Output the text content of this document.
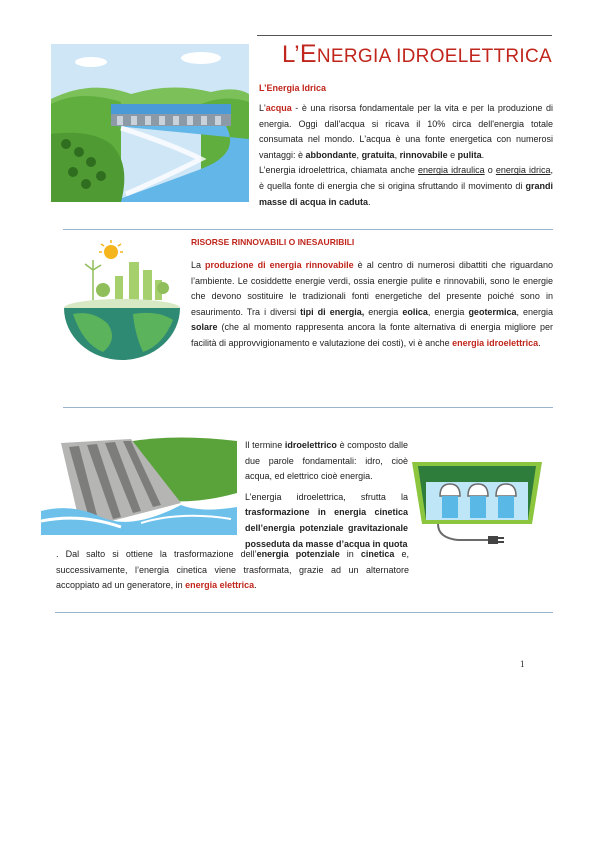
L’ENERGIA IDROELETTRICA
L’Energia Idrica
L'acqua - è una risorsa fondamentale per la vita e per la produzione di energia. Oggi dall'acqua si ricava il 10% circa dell'energia totale consumata nel mondo. L'acqua è una fonte energetica con numerosi vantaggi: è abbondante, gratuita, rinnovabile e pulita.
L’energia idroelettrica, chiamata anche energia idraulica o energia idrica, è quella fonte di energia che si origina sfruttando il movimento di grandi masse di acqua in caduta.
RISORSE RINNOVABILI O INESAURIBILI
La produzione di energia rinnovabile è al centro di numerosi dibattiti che riguardano l’ambiente. Le cosiddette energie verdi, ossia energie pulite e rinnovabili, sono le energie che devono sostituire le tradizionali fonti energetiche del presente poiché sono in esaurimento. Tra i diversi tipi di energia, energia eolica, energia geotermica, energia solare (che al momento rappresenta ancora la fonte alternativa di energia migliore per facilità di approvvigionamento e valutazione dei costi), vi è anche energia idroelettrica.
Il termine idroelettrico è composto dalle due parole fondamentali: idro, cioè acqua, ed elettrico cioè energia.
L’energia idroelettrica, sfrutta la trasformazione in energia cinetica dell’energia potenziale gravitazionale posseduta da masse d’acqua in quota
. Dal salto si ottiene la trasformazione dell’energia potenziale in cinetica e, successivamente, l’energia cinetica viene trasformata, grazie ad un alternatore accoppiato ad un generatore, in energia elettrica.
1
